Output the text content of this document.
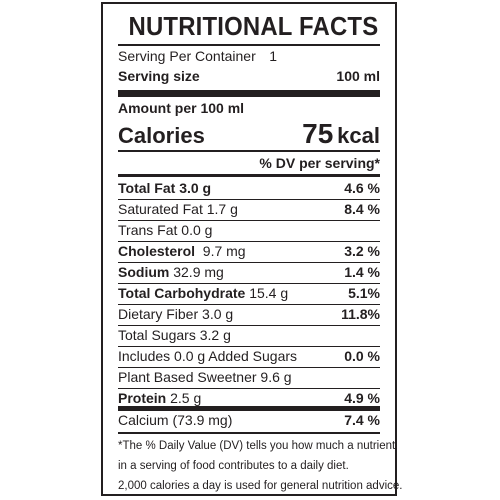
NUTRITIONAL FACTS
Serving Per Container 1
Serving size	100 ml
Amount per 100 ml
Calories	75 kcal
% DV per serving*
Total Fat 3.0 g	4.6 %
Saturated Fat 1.7 g	8.4 %
Trans Fat 0.0 g
Cholesterol 9.7 mg	3.2 %
Sodium 32.9 mg	1.4 %
Total Carbohydrate 15.4 g	5.1%
Dietary Fiber 3.0 g	11.8%
Total Sugars 3.2 g
Includes 0.0 g Added Sugars	0.0 %
Plant Based Sweetner 9.6 g
Protein 2.5 g	4.9 %
Calcium (73.9 mg)	7.4 %
*The % Daily Value (DV) tells you how much a nutrient
in a serving of food contributes to a daily diet.
2,000 calories a day is used for general nutrition advice.
